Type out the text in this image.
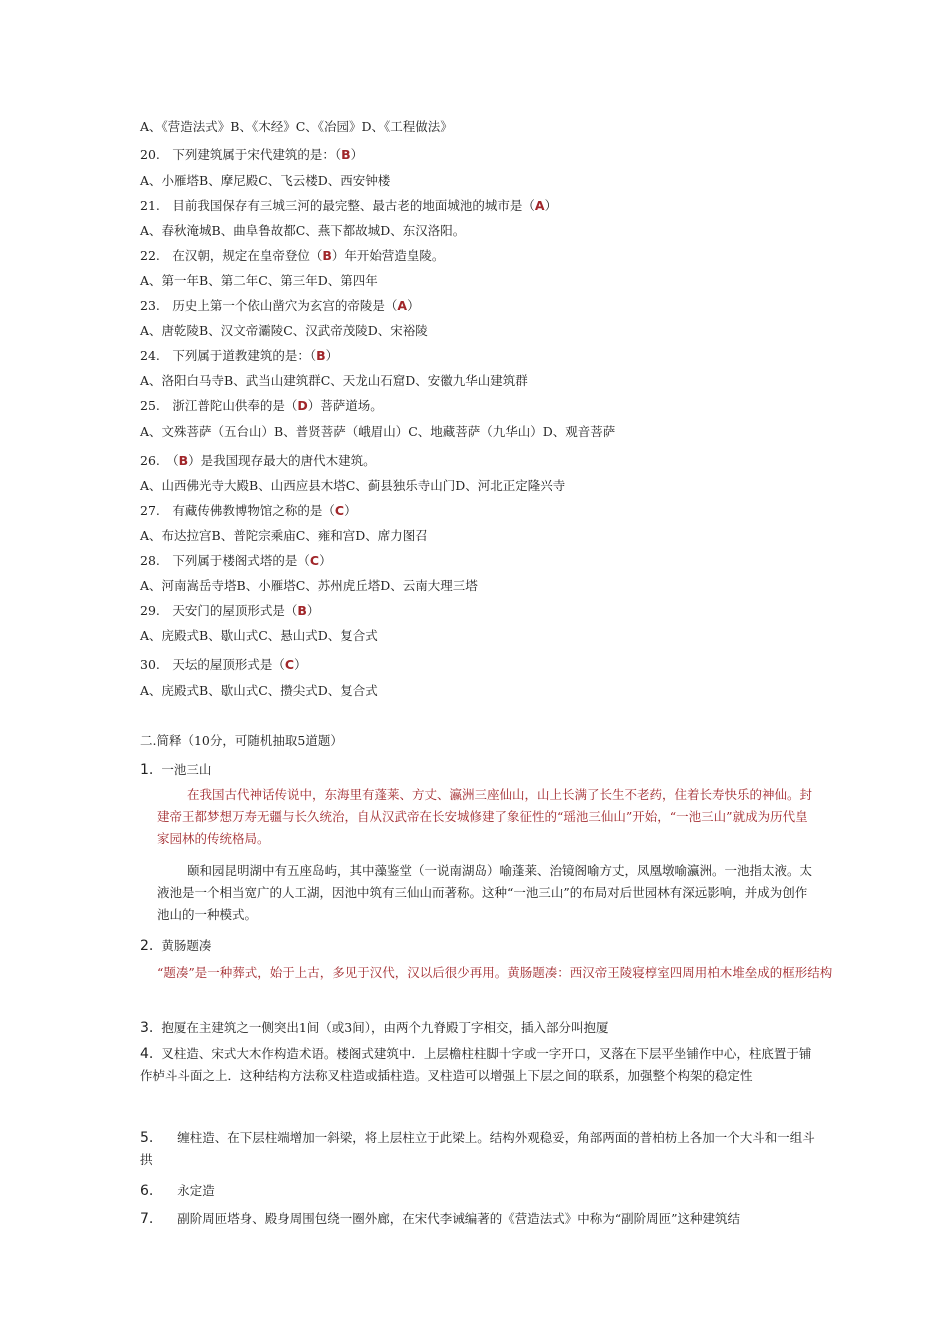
A、《营造法式》B、《木经》C、《冶园》D、《工程做法》
20.　下列建筑属于宋代建筑的是：（B）
A、小雁塔B、摩尼殿C、飞云楼D、西安钟楼
21.　目前我国保存有三城三河的最完整、最古老的地面城池的城市是（A）
A、春秋淹城B、曲阜鲁故都C、燕下都故城D、东汉洛阳。
22.　在汉朝，规定在皇帝登位（B）年开始营造皇陵。
A、第一年B、第二年C、第三年D、第四年
23.　历史上第一个依山凿穴为玄宫的帝陵是（A）
A、唐乾陵B、汉文帝灞陵C、汉武帝茂陵D、宋裕陵
24.　下列属于道教建筑的是：（B）
A、洛阳白马寺B、武当山建筑群C、天龙山石窟D、安徽九华山建筑群
25.　浙江普陀山供奉的是（D）菩萨道场。
A、文殊菩萨（五台山）B、普贤菩萨（峨眉山）C、地藏菩萨（九华山）D、观音菩萨
26.　（B）是我国现存最大的唐代木建筑。
A、山西佛光寺大殿B、山西应县木塔C、蓟县独乐寺山门D、河北正定隆兴寺
27.　有藏传佛教博物馆之称的是（C）
A、布达拉宫B、普陀宗乘庙C、雍和宫D、席力图召
28.　下列属于楼阁式塔的是（C）
A、河南嵩岳寺塔B、小雁塔C、苏州虎丘塔D、云南大理三塔
29.　天安门的屋顶形式是（B）
A、庑殿式B、歇山式C、悬山式D、复合式
30.　天坛的屋顶形式是（C）
A、庑殿式B、歇山式C、攒尖式D、复合式
二.简释（10分，可随机抽取5道题）
1. 一池三山
在我国古代神话传说中，东海里有蓬莱、方丈、瀛洲三座仙山，山上长满了长生不老药，住着长寿快乐的神仙。封建帝王都梦想万寿无疆与长久统治，自从汉武帝在长安城修建了象征性的“瑶池三仙山”开始，“一池三山”就成为历代皇家园林的传统格局。
颐和园昆明湖中有五座岛屿，其中藻鉴堂（一说南湖岛）喻蓬莱、治镜阁喻方丈，凤凰墩喻瀛洲。一池指太液。太液池是一个相当宽广的人工湖，因池中筑有三仙山而著称。这种“一池三山”的布局对后世园林有深远影响，并成为创作池山的一种模式。
2. 黄肠题凑
“题凑”是一种葬式，始于上古，多见于汉代，汉以后很少再用。黄肠题凑：西汉帝王陵寝椁室四周用柏木堆垒成的框形结构
3. 抱厦在主建筑之一侧突出1间（或3间），由两个九脊殿丁字相交，插入部分叫抱厦
4. 叉柱造、宋式大木作构造术语。楼阁式建筑中．上层檐柱柱脚十字或一字开口，叉落在下层平坐铺作中心，柱底置于铺作栌斗斗面之上．这种结构方法称叉柱造或插柱造。叉柱造可以增强上下层之间的联系，加强整个构架的稳定性
5. 缠柱造、在下层柱端增加一斜梁，将上层柱立于此梁上。结构外观稳妥，角部两面的普柏枋上各加一个大斗和一组斗拱
6. 永定造
7. 副阶周匝塔身、殿身周围包绕一圈外廊，在宋代李诫编著的《营造法式》中称为“副阶周匝”这种建筑结
